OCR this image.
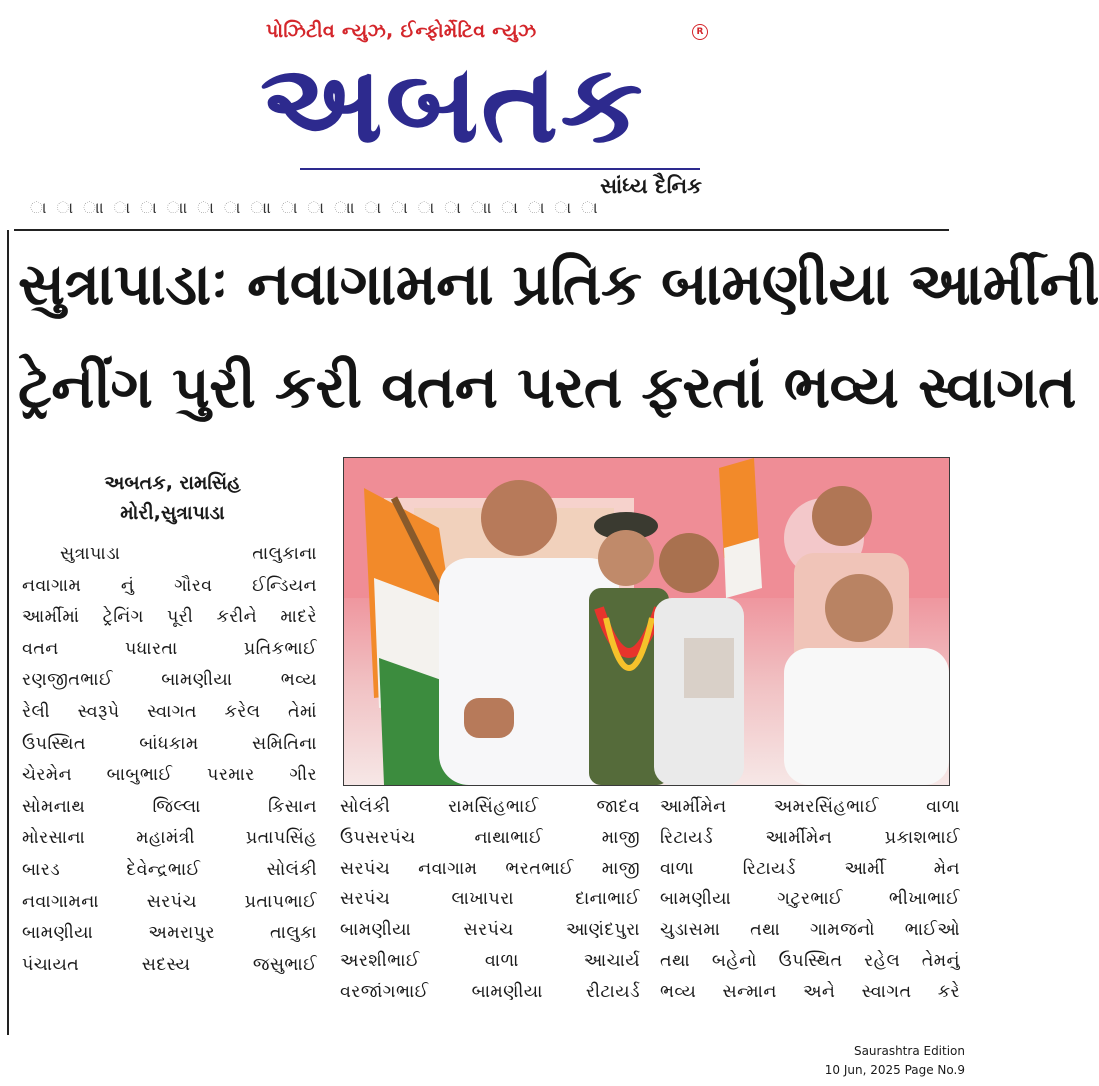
પોઝિટીવ ન્યુઝ, ઈન્ફોર્મેટિવ ન્યુઝ	R
અબતક
સાંધ્ય દૈનિક
ા ા ાા ા ા ાા ા ા ાા ા ા ાા ા ા ા ા ાા ા ા ા ા
સુત્રાપાડાઃ નવાગામના પ્રતિક બામણીયા આર્મીની
ટ્રેનીંગ પુરી કરી વતન પરત ફરતાં ભવ્ય સ્વાગત
અબતક, રામસિંહ
મોરી,સુત્રાપાડા
સુત્રાપાડા તાલુકાના
નવાગામ નું ગૌરવ ઈન્ડિયન
આર્મીમાં ટ્રેનિંગ પૂરી કરીને માદરે
વતન પધારતા પ્રતિકભાઈ
રણજીતભાઈ બામણીયા ભવ્ય
રેલી સ્વરૂપે સ્વાગત કરેલ તેમાં
ઉપસ્થિત બાંધકામ સમિતિના
ચેરમેન બાબુભાઈ પરમાર ગીર
સોમનાથ જિલ્લા કિસાન
મોરસાના મહામંત્રી પ્રતાપસિંહ
બારડ દેવેન્દ્રભાઈ સોલંકી
નવાગામના સરપંચ પ્રતાપભાઈ
બામણીયા અમરાપુર તાલુકા
પંચાયત સદસ્ય જસુભાઈ
સોલંકી રામસિંહભાઈ જાદવ
ઉપસરપંચ નાથાભાઈ માજી
સરપંચ નવાગામ ભરતભાઈ માજી
સરપંચ લાખાપરા દાનાભાઈ
બામણીયા સરપંચ આણંદપુરા
અરશીભાઈ વાળા આચાર્ય
વરજાંગભાઈ બામણીયા રીટાયર્ડ
આર્મીમેન અમરસિંહભાઈ વાળા
રિટાયર્ડ આર્મીમેન પ્રકાશભાઈ
વાળા રિટાયર્ડ આર્મી મેન
બામણીયા ગટુરભાઈ ભીખાભાઈ
ચુડાસમા તથા ગામજનો ભાઈઓ
તથા બહેનો ઉપસ્થિત રહેલ તેમનું
ભવ્ય સન્માન અને સ્વાગત કરે
Saurashtra Edition
10 Jun, 2025 Page No.9
